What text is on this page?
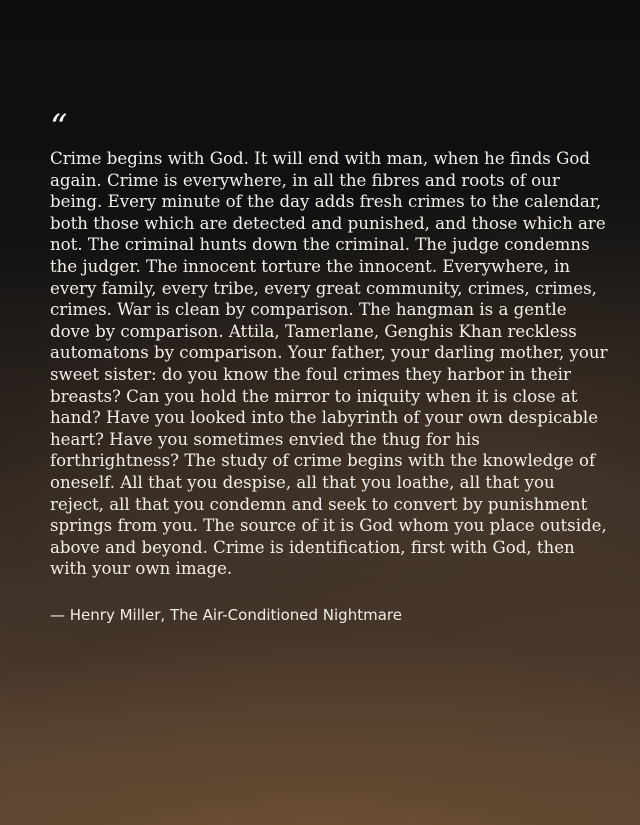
“

Crime begins with God. It will end with man, when he finds God again. Crime is everywhere, in all the fibres and roots of our being. Every minute of the day adds fresh crimes to the calendar, both those which are detected and punished, and those which are not. The criminal hunts down the criminal. The judge condemns the judger. The innocent torture the innocent. Everywhere, in every family, every tribe, every great community, crimes, crimes, crimes. War is clean by comparison. The hangman is a gentle dove by comparison. Attila, Tamerlane, Genghis Khan reckless automatons by comparison. Your father, your darling mother, your sweet sister: do you know the foul crimes they harbor in their breasts? Can you hold the mirror to iniquity when it is close at hand? Have you looked into the labyrinth of your own despicable heart? Have you sometimes envied the thug for his forthrightness? The study of crime begins with the knowledge of oneself. All that you despise, all that you loathe, all that you reject, all that you condemn and seek to convert by punishment springs from you. The source of it is God whom you place outside, above and beyond. Crime is identification, first with God, then with your own image.

— Henry Miller, The Air-Conditioned Nightmare
